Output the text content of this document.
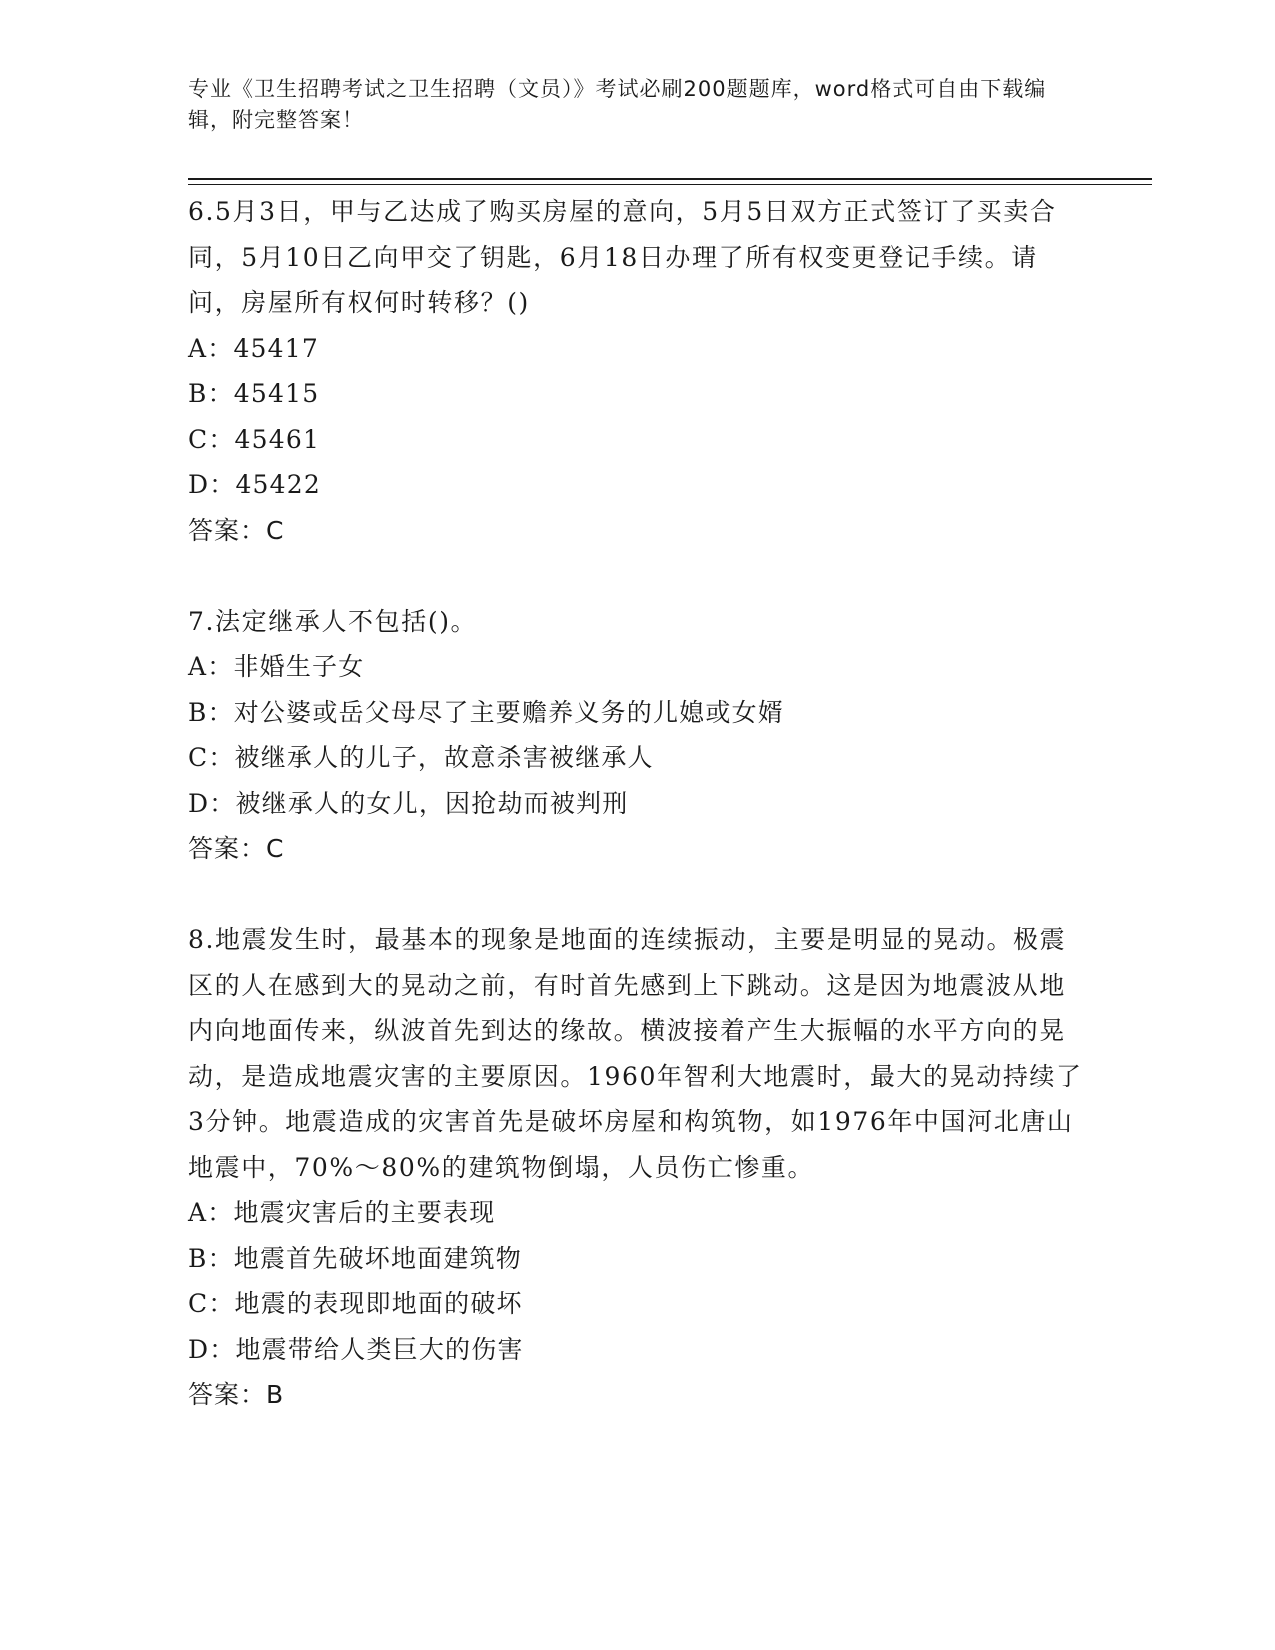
专业《卫生招聘考试之卫生招聘（文员）》考试必刷200题题库，word格式可自由下载编辑，附完整答案！

6.5月3日，甲与乙达成了购买房屋的意向，5月5日双方正式签订了买卖合同，5月10日乙向甲交了钥匙，6月18日办理了所有权变更登记手续。请问，房屋所有权何时转移？()

A：45417

B：45415

C：45461

D：45422

答案：C

7.法定继承人不包括()。

A：非婚生子女

B：对公婆或岳父母尽了主要赡养义务的儿媳或女婿

C：被继承人的儿子，故意杀害被继承人

D：被继承人的女儿，因抢劫而被判刑

答案：C

8.地震发生时，最基本的现象是地面的连续振动，主要是明显的晃动。极震区的人在感到大的晃动之前，有时首先感到上下跳动。这是因为地震波从地内向地面传来，纵波首先到达的缘故。横波接着产生大振幅的水平方向的晃动，是造成地震灾害的主要原因。1960年智利大地震时，最大的晃动持续了3分钟。地震造成的灾害首先是破坏房屋和构筑物，如1976年中国河北唐山地震中，70%～80%的建筑物倒塌，人员伤亡惨重。

A：地震灾害后的主要表现

B：地震首先破坏地面建筑物

C：地震的表现即地面的破坏

D：地震带给人类巨大的伤害

答案：B
